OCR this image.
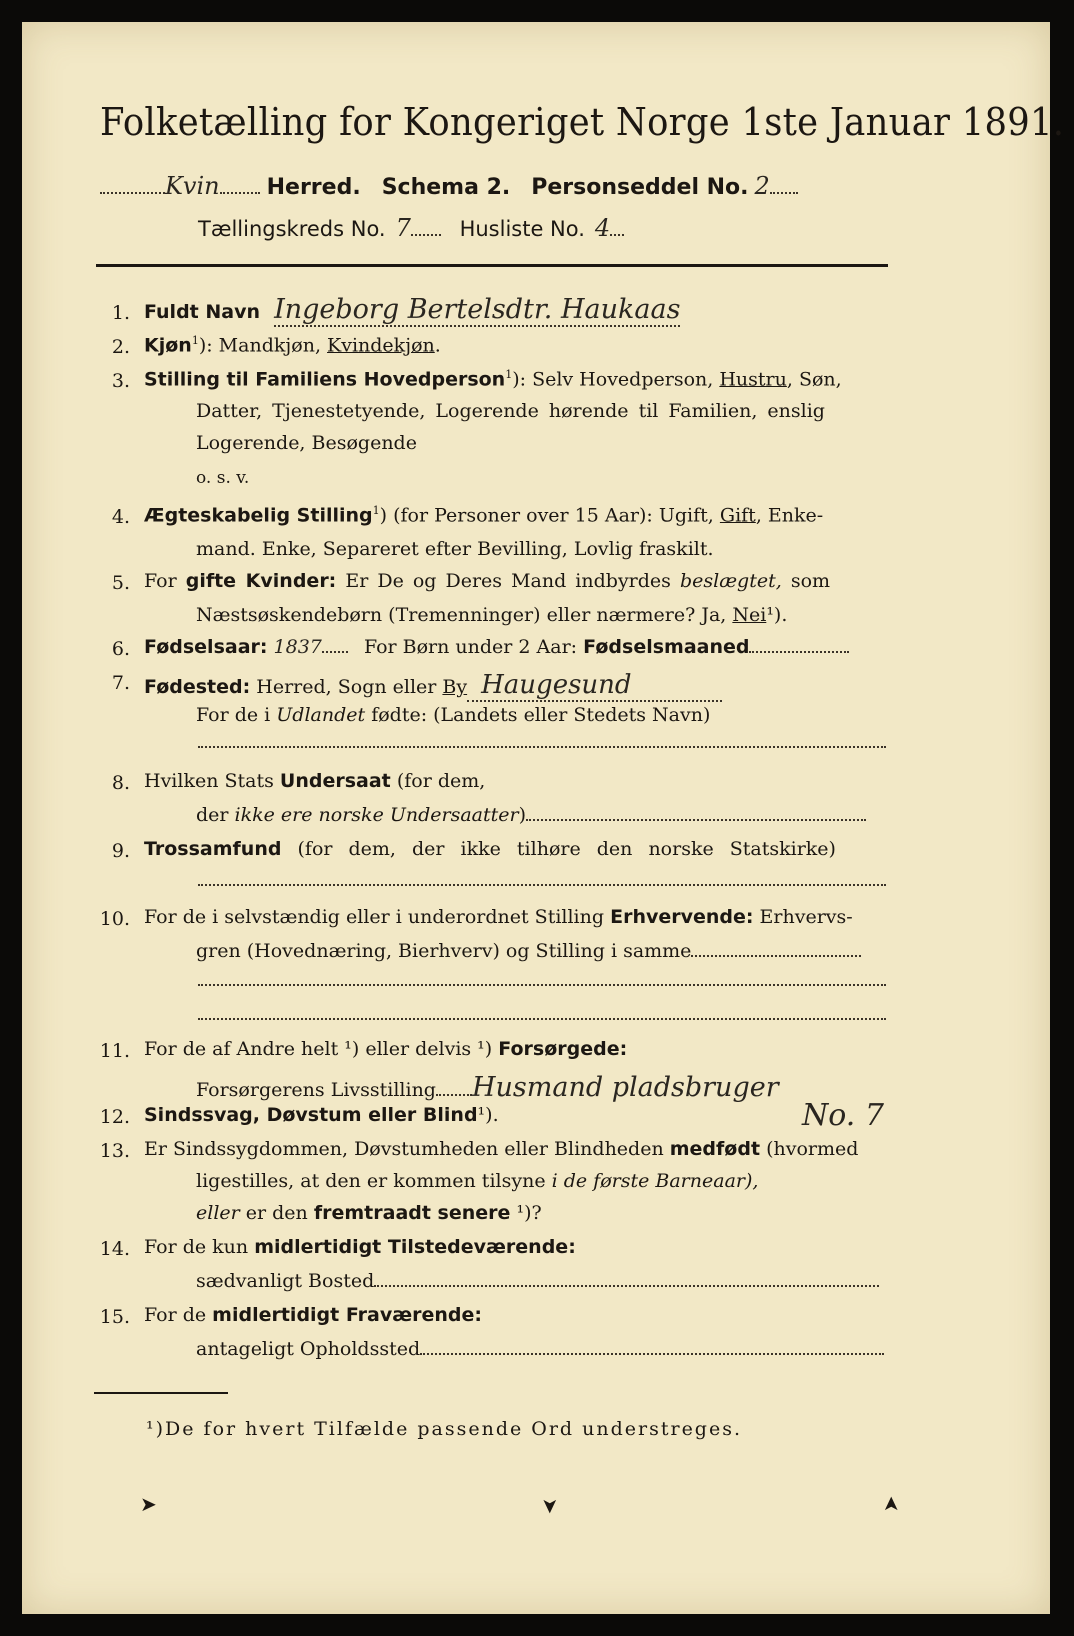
Folketælling for Kongeriget Norge 1ste Januar 1891.
Kvin Herred. Schema 2. Personseddel No. 2
Tællingskreds No. 7 Husliste No. 4
1. Fuldt Navn Ingeborg Bertelsdtr. Haukaas
2. Kjøn$^1$): Mandkjøn, Kvindekjøn.
3. Stilling til Familiens Hovedperson$^1$): Selv Hovedperson, Hustru, Søn,
Datter, Tjenestetyende, Logerende hørende til Familien, enslig
Logerende, Besøgende
o. s. v.
4. Ægteskabelig Stilling$^1$) (for Personer over 15 Aar): Ugift, Gift, Enke-
mand. Enke, Separeret efter Bevilling, Lovlig fraskilt.
5. For gifte Kvinder: Er De og Deres Mand indbyrdes beslægtet, som
Næstsøskendebørn (Tremenninger) eller nærmere? Ja, Nei¹).
6. Fødselsaar: 1837 For Børn under 2 Aar: Fødselsmaaned
7. Fødested: Herred, Sogn eller By Haugesund
For de i Udlandet fødte: (Landets eller Stedets Navn)
8. Hvilken Stats Undersaat (for dem,
der ikke ere norske Undersaatter)
9. Trossamfund (for dem, der ikke tilhøre den norske Statskirke)
10. For de i selvstændig eller i underordnet Stilling Erhvervende: Erhvervs-
gren (Hovednæring, Bierhverv) og Stilling i samme
11. For de af Andre helt ¹) eller delvis ¹) Forsørgede:
Forsørgerens Livsstilling Husmand pladsbruger
No. 7
12. Sindssvag, Døvstum eller Blind¹).
13. Er Sindssygdommen, Døvstumheden eller Blindheden medfødt (hvormed
ligestilles, at den er kommen tilsyne i de første Barneaar),
eller er den fremtraadt senere ¹)?
14. For de kun midlertidigt Tilstedeværende:
sædvanligt Bosted
15. For de midlertidigt Fraværende:
antageligt Opholdssted
¹)De for hvert Tilfælde passende Ord understreges.
➤	➤	➤
